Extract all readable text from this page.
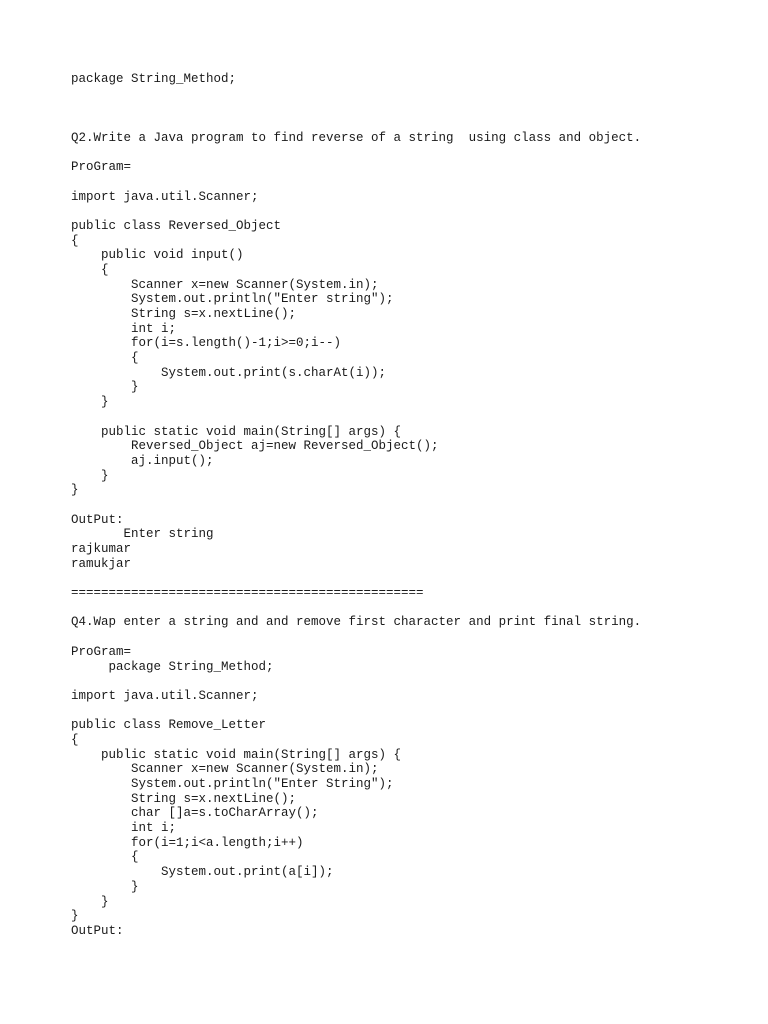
package String_Method;
Q2.Write a Java program to find reverse of a string  using class and object.
ProGram=
import java.util.Scanner;
public class Reversed_Object
{
public void input()
{
Scanner x=new Scanner(System.in);
System.out.println("Enter string");
String s=x.nextLine();
int i;
for(i=s.length()-1;i>=0;i--)
{
System.out.print(s.charAt(i));
}
}
public static void main(String[] args) {
Reversed_Object aj=new Reversed_Object();
aj.input();
}
}
OutPut:
Enter string
rajkumar
ramukjar
===============================================
Q4.Wap enter a string and and remove first character and print final string.
ProGram=
package String_Method;
import java.util.Scanner;
public class Remove_Letter
{
public static void main(String[] args) {
Scanner x=new Scanner(System.in);
System.out.println("Enter String");
String s=x.nextLine();
char []a=s.toCharArray();
int i;
for(i=1;i<a.length;i++)
{
System.out.print(a[i]);
}
}
}
OutPut:
